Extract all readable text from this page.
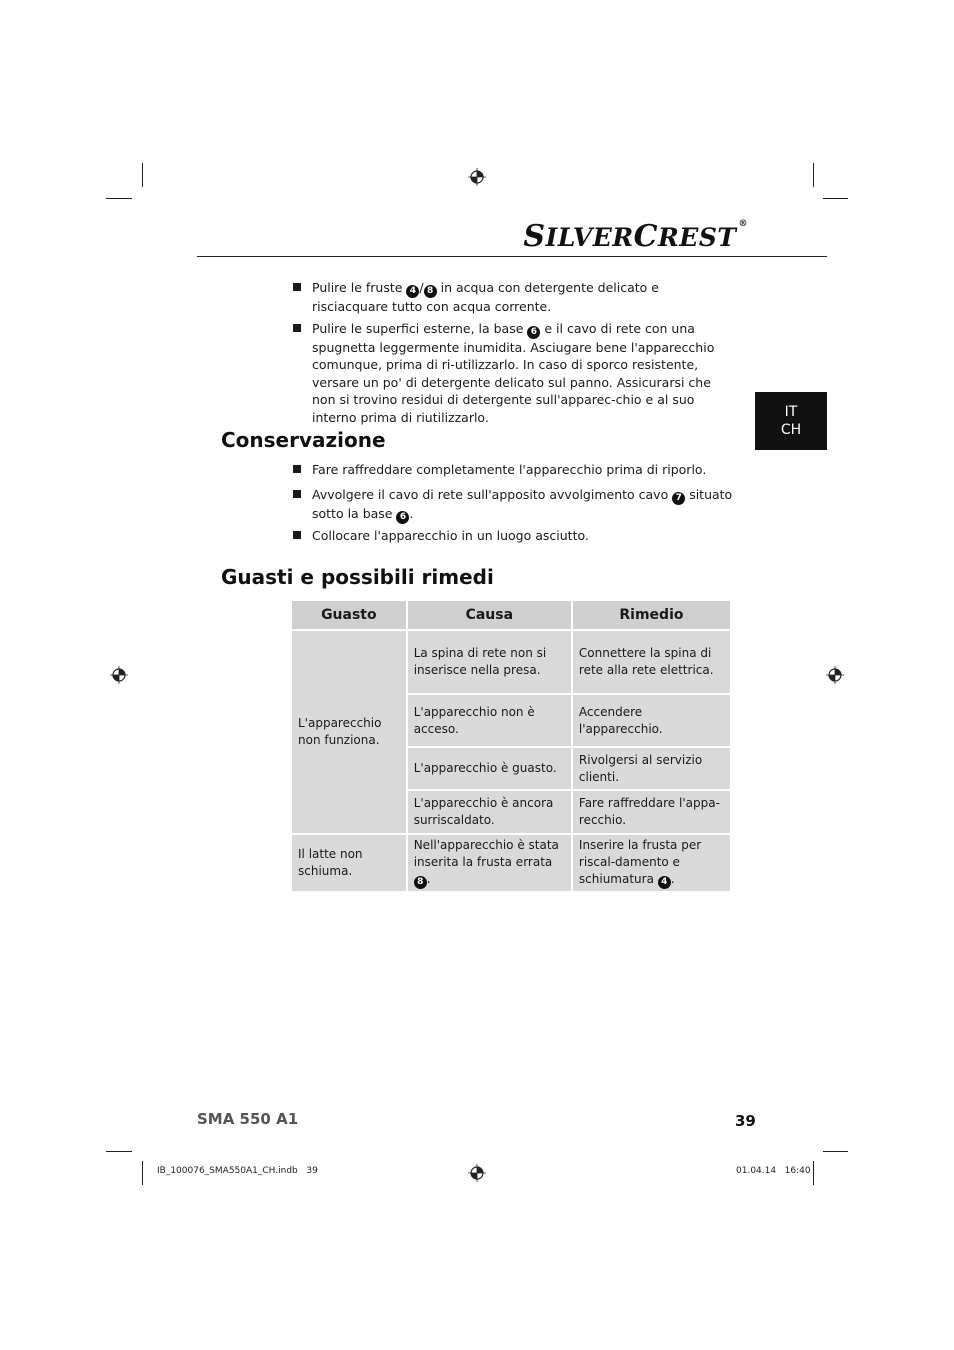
SILVERCREST ®
IT
CH
Pulire le fruste 4 / 8 in acqua con detergente delicato e risciacquare tutto con acqua corrente.
Pulire le superfici esterne, la base 6 e il cavo di rete con una spugnetta leggermente inumidita. Asciugare bene l'apparecchio comunque, prima di ri-utilizzarlo. In caso di sporco resistente, versare un po' di detergente delicato sul panno. Assicurarsi che non si trovino residui di detergente sull'apparec-chio e al suo interno prima di riutilizzarlo.
Conservazione
Fare raffreddare completamente l'apparecchio prima di riporlo.
Avvolgere il cavo di rete sull'apposito avvolgimento cavo 7 situato sotto la base 6 .
Collocare l'apparecchio in un luogo asciutto.
Guasti e possibili rimedi
Guasto	Causa	Rimedio
L'apparecchio non funziona.	La spina di rete non si inserisce nella presa.	Connettere la spina di rete alla rete elettrica.
	L'apparecchio non è acceso.	Accendere l'apparecchio.
	L'apparecchio è guasto.	Rivolgersi al servizio clienti.
	L'apparecchio è ancora surriscaldato.	Fare raffreddare l'appa-recchio.
Il latte non schiuma.	Nell'apparecchio è stata inserita la frusta errata 8 .	Inserire la frusta per riscal-damento e schiumatura 4 .
SMA 550 A1	39
IB_100076_SMA550A1_CH.indb   39	01.04.14   16:40
